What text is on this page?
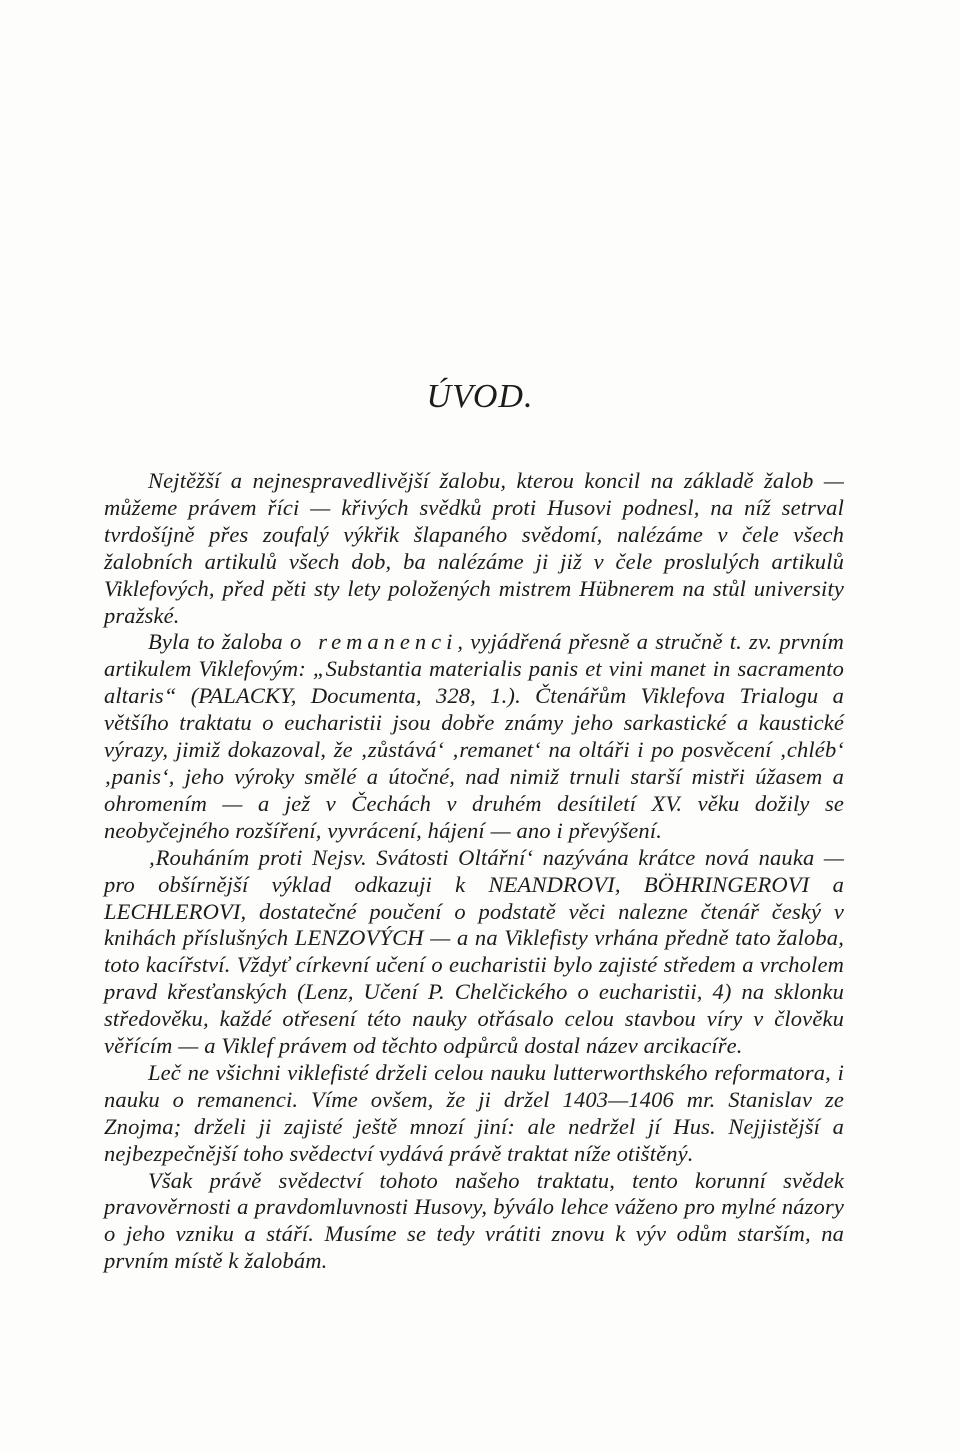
ÚVOD.

Nejtěžší a nejnespravedlivější žalobu, kterou koncil na základě žalob — můžeme právem říci — křivých svědků proti Husovi podnesl, na níž setrval tvrdošíjně přes zoufalý výkřik šlapaného svědomí, nalézáme v čele všech žalobních artikulů všech dob, ba nalézáme ji již v čele proslulých artikulů Viklefových, před pěti sty lety položených mistrem Hübnerem na stůl university pražské.

Byla to žaloba o remanenci, vyjádřená přesně a stručně t. zv. prvním artikulem Viklefovým: „Substantia materialis panis et vini manet in sacramento altaris“ (PALACKY, Documenta, 328, 1.). Čtenářům Viklefova Trialogu a většího traktatu o eucharistii jsou dobře známy jeho sarkastické a kaustické výrazy, jimiž dokazoval, že ‚zůstává‘ ‚remanet‘ na oltáři i po posvěcení ‚chléb‘ ‚panis‘, jeho výroky smělé a útočné, nad nimiž trnuli starší mistři úžasem a ohromením — a jež v Čechách v druhém desítiletí XV. věku dožily se neobyčejného rozšíření, vyvrácení, hájení — ano i převýšení.

‚Rouháním proti Nejsv. Svátosti Oltářní‘ nazývána krátce nová nauka — pro obšírnější výklad odkazuji k NEANDROVI, BÖHRINGEROVI a LECHLEROVI, dostatečné poučení o podstatě věci nalezne čtenář český v knihách příslušných LENZOVÝCH — a na Viklefisty vrhána předně tato žaloba, toto kacířství. Vždyť církevní učení o eucharistii bylo zajisté středem a vrcholem pravd křesťanských (Lenz, Učení P. Chelčického o eucharistii, 4) na sklonku středověku, každé otřesení této nauky otřásalo celou stavbou víry v člověku věřícím — a Viklef právem od těchto odpůrců dostal název arcikacíře.

Leč ne všichni viklefisté drželi celou nauku lutterworthského reformatora, i nauku o remanenci. Víme ovšem, že ji držel 1403—1406 mr. Stanislav ze Znojma; drželi ji zajisté ještě mnozí jiní: ale nedržel jí Hus. Nejjistější a nejbezpečnější toho svědectví vydává právě traktat níže otištěný.

Však právě svědectví tohoto našeho traktatu, tento korunní svědek pravověrnosti a pravdomluvnosti Husovy, býválo lehce váženo pro mylné názory o jeho vzniku a stáří. Musíme se tedy vrátiti znovu k výv odům starším, na prvním místě k žalobám.
